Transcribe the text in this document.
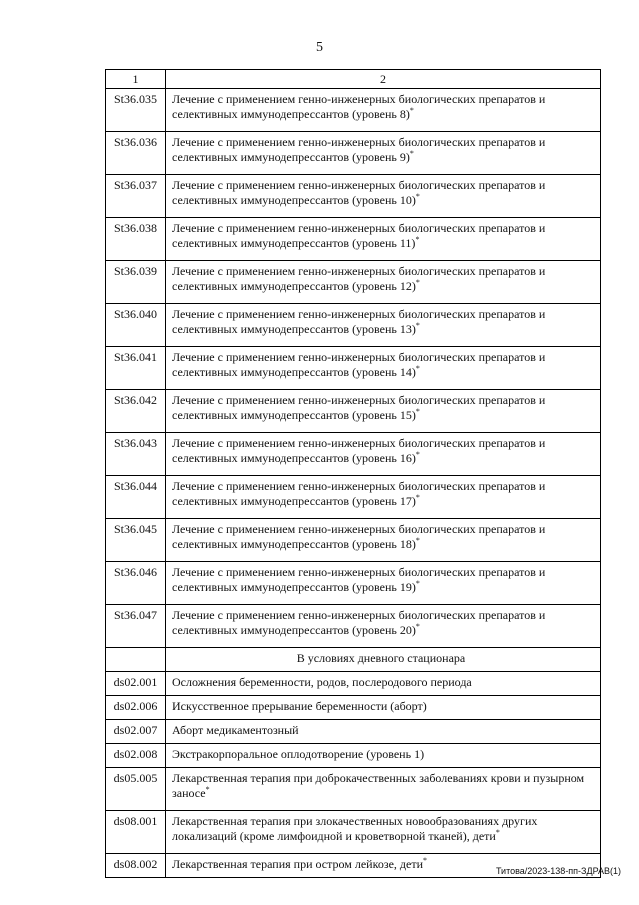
5
1	2
St36.035	Лечение с применением генно-инженерных биологических препаратов и селективных иммунодепрессантов (уровень 8)*
St36.036	Лечение с применением генно-инженерных биологических препаратов и селективных иммунодепрессантов (уровень 9)*
St36.037	Лечение с применением генно-инженерных биологических препаратов и селективных иммунодепрессантов (уровень 10)*
St36.038	Лечение с применением генно-инженерных биологических препаратов и селективных иммунодепрессантов (уровень 11)*
St36.039	Лечение с применением генно-инженерных биологических препаратов и селективных иммунодепрессантов (уровень 12)*
St36.040	Лечение с применением генно-инженерных биологических препаратов и селективных иммунодепрессантов (уровень 13)*
St36.041	Лечение с применением генно-инженерных биологических препаратов и селективных иммунодепрессантов (уровень 14)*
St36.042	Лечение с применением генно-инженерных биологических препаратов и селективных иммунодепрессантов (уровень 15)*
St36.043	Лечение с применением генно-инженерных биологических препаратов и селективных иммунодепрессантов (уровень 16)*
St36.044	Лечение с применением генно-инженерных биологических препаратов и селективных иммунодепрессантов (уровень 17)*
St36.045	Лечение с применением генно-инженерных биологических препаратов и селективных иммунодепрессантов (уровень 18)*
St36.046	Лечение с применением генно-инженерных биологических препаратов и селективных иммунодепрессантов (уровень 19)*
St36.047	Лечение с применением генно-инженерных биологических препаратов и селективных иммунодепрессантов (уровень 20)*
	В условиях дневного стационара
ds02.001	Осложнения беременности, родов, послеродового периода
ds02.006	Искусственное прерывание беременности (аборт)
ds02.007	Аборт медикаментозный
ds02.008	Экстракорпоральное оплодотворение (уровень 1)
ds05.005	Лекарственная терапия при доброкачественных заболеваниях крови и пузырном заносе*
ds08.001	Лекарственная терапия при злокачественных новообразованиях других локализаций (кроме лимфоидной и кроветворной тканей), дети*
ds08.002	Лекарственная терапия при остром лейкозе, дети*
Титова/2023-138-пп-ЗДРАВ(1)
